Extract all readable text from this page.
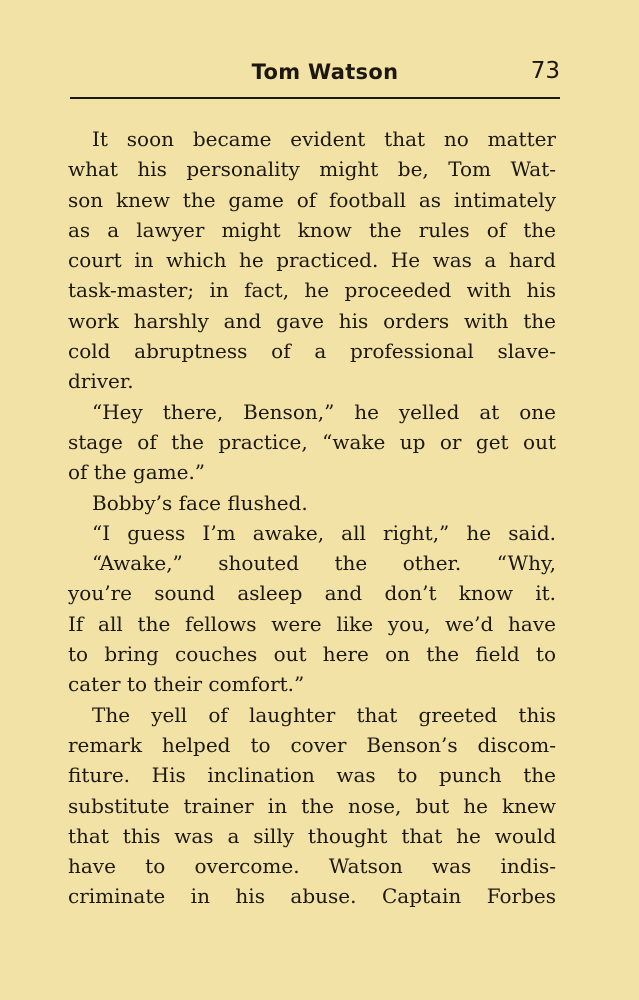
Tom Watson	73
It soon became evident that no matter
what his personality might be, Tom Wat-
son knew the game of football as intimately
as a lawyer might know the rules of the
court in which he practiced. He was a hard
task-master; in fact, he proceeded with his
work harshly and gave his orders with the
cold abruptness of a professional slave-
driver.
“Hey there, Benson,” he yelled at one
stage of the practice, “wake up or get out
of the game.”
Bobby’s face flushed.
“I guess I’m awake, all right,” he said.
“Awake,” shouted the other. “Why,
you’re sound asleep and don’t know it.
If all the fellows were like you, we’d have
to bring couches out here on the field to
cater to their comfort.”
The yell of laughter that greeted this
remark helped to cover Benson’s discom-
fiture. His inclination was to punch the
substitute trainer in the nose, but he knew
that this was a silly thought that he would
have to overcome. Watson was indis-
criminate in his abuse. Captain Forbes
